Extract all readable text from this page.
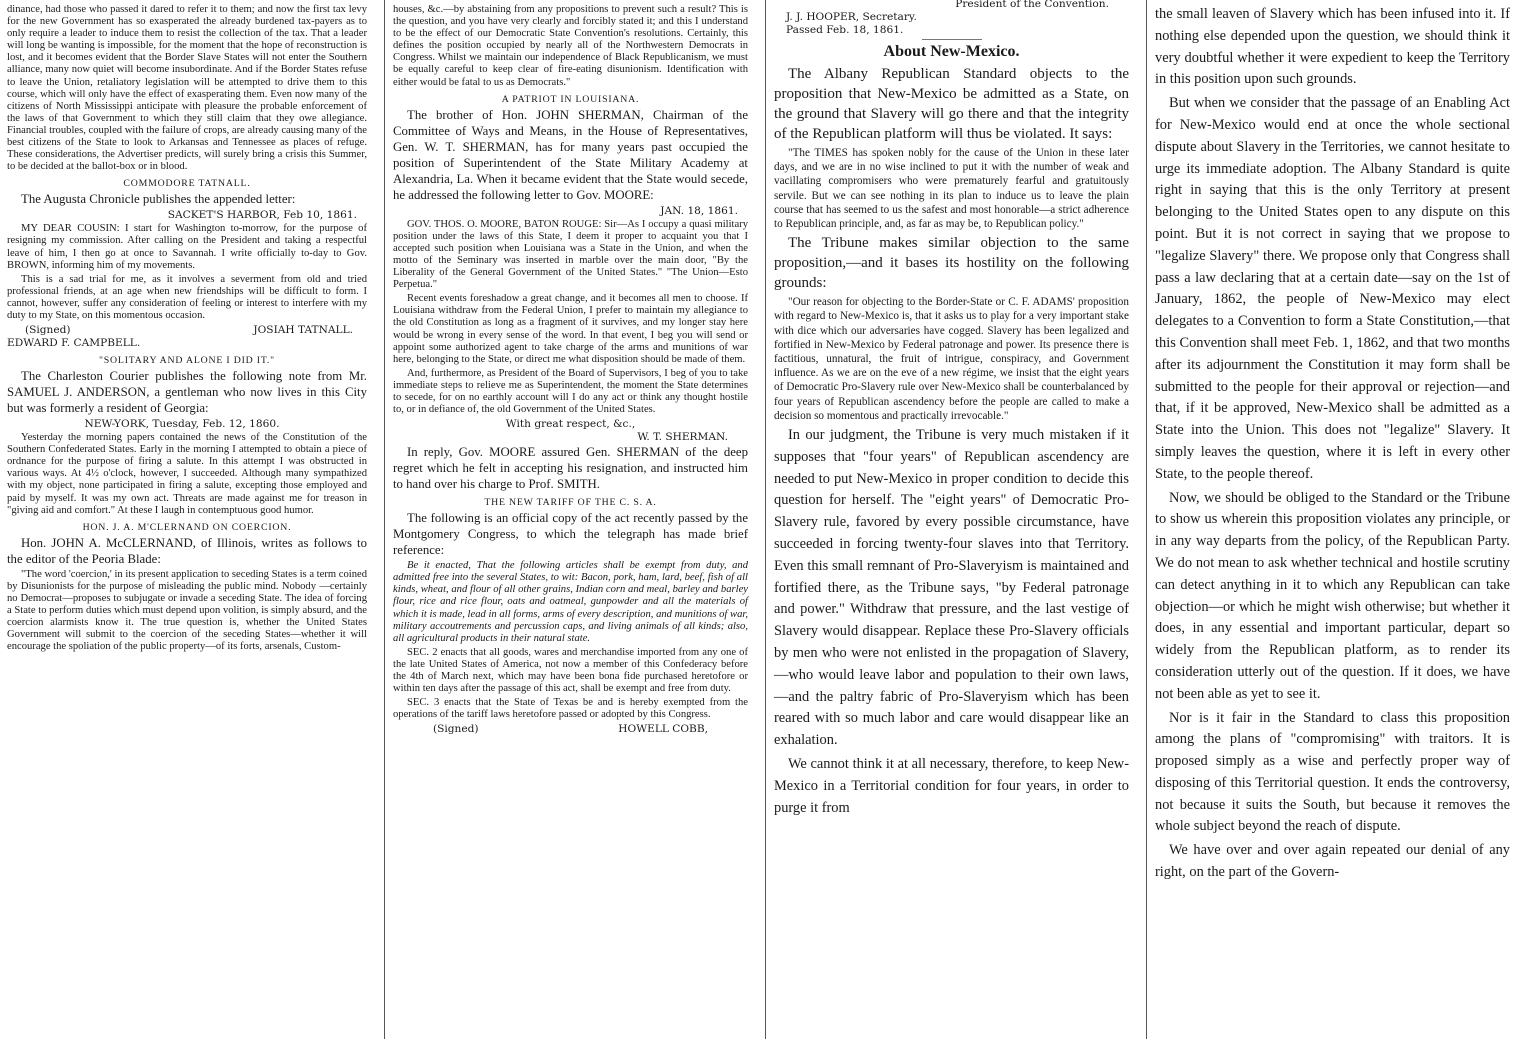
dinance, had those who passed it dared to refer it to them; and now the first tax levy for the new Government has so exasperated the already burdened tax-payers as to only require a leader to induce them to resist the collection of the tax. That a leader will long be wanting is impossible, for the moment that the hope of reconstruction is lost, and it becomes evident that the Border Slave States will not enter the Southern alliance, many now quiet will become insubordinate. And if the Border States refuse to leave the Union, retaliatory legislation will be attempted to drive them to this course, which will only have the effect of exasperating them. Even now many of the citizens of North Mississippi anticipate with pleasure the probable enforcement of the laws of that Government to which they still claim that they owe allegiance. Financial troubles, coupled with the failure of crops, are already causing many of the best citizens of the State to look to Arkansas and Tennessee as places of refuge. These considerations, the Advertiser predicts, will surely bring a crisis this Summer, to be decided at the ballot-box or in blood.

COMMODORE TATNALL.

The Augusta Chronicle publishes the appended letter:

SACKET'S HARBOR, Feb 10, 1861.

MY DEAR COUSIN: I start for Washington to-morrow, for the purpose of resigning my commission. After calling on the President and taking a respectful leave of him, I then go at once to Savannah. I write officially to-day to Gov. BROWN, informing him of my movements.

This is a sad trial for me, as it involves a severment from old and tried professional friends, at an age when new friendships will be difficult to form. I cannot, however, suffer any consideration of feeling or interest to interfere with my duty to my State, on this momentous occasion.

(Signed)	JOSIAH TATNALL.
EDWARD F. CAMPBELL.
"SOLITARY AND ALONE I DID IT."

The Charleston Courier publishes the following note from Mr. SAMUEL J. ANDERSON, a gentleman who now lives in this City but was formerly a resident of Georgia:

NEW-YORK, Tuesday, Feb. 12, 1860.

Yesterday the morning papers contained the news of the Constitution of the Southern Confederated States. Early in the morning I attempted to obtain a piece of ordnance for the purpose of firing a salute. In this attempt I was obstructed in various ways. At 4½ o'clock, however, I succeeded. Although many sympathized with my object, none participated in firing a salute, excepting those employed and paid by myself. It was my own act. Threats are made against me for treason in "giving aid and comfort." At these I laugh in contemptuous good humor.

HON. J. A. M'CLERNAND ON COERCION.

Hon. JOHN A. McCLERNAND, of Illinois, writes as follows to the editor of the Peoria Blade:

"The word 'coercion,' in its present application to seceding States is a term coined by Disunionists for the purpose of misleading the public mind. Nobody —certainly no Democrat—proposes to subjugate or invade a seceding State. The idea of forcing a State to perform duties which must depend upon volition, is simply absurd, and the coercion alarmists know it. The true question is, whether the United States Government will submit to the coercion of the seceding States—whether it will encourage the spoliation of the public property—of its forts, arsenals, Custom-

houses, &c.—by abstaining from any propositions to prevent such a result? This is the question, and you have very clearly and forcibly stated it; and this I understand to be the effect of our Democratic State Convention's resolutions. Certainly, this defines the position occupied by nearly all of the Northwestern Democrats in Congress. Whilst we maintain our independence of Black Republicanism, we must be equally careful to keep clear of fire-eating disunionism. Identification with either would be fatal to us as Democrats."

A PATRIOT IN LOUISIANA.

The brother of Hon. JOHN SHERMAN, Chairman of the Committee of Ways and Means, in the House of Representatives, Gen. W. T. SHERMAN, has for many years past occupied the position of Superintendent of the State Military Academy at Alexandria, La. When it became evident that the State would secede, he addressed the following letter to Gov. MOORE:

JAN. 18, 1861.

GOV. THOS. O. MOORE, BATON ROUGE: Sir—As I occupy a quasi military position under the laws of this State, I deem it proper to acquaint you that I accepted such position when Louisiana was a State in the Union, and when the motto of the Seminary was inserted in marble over the main door, "By the Liberality of the General Government of the United States." "The Union—Esto Perpetua."

Recent events foreshadow a great change, and it becomes all men to choose. If Louisiana withdraw from the Federal Union, I prefer to maintain my allegiance to the old Constitution as long as a fragment of it survives, and my longer stay here would be wrong in every sense of the word. In that event, I beg you will send or appoint some authorized agent to take charge of the arms and munitions of war here, belonging to the State, or direct me what disposition should be made of them.

And, furthermore, as President of the Board of Supervisors, I beg of you to take immediate steps to relieve me as Superintendent, the moment the State determines to secede, for on no earthly account will I do any act or think any thought hostile to, or in defiance of, the old Government of the United States.

With great respect, &c.,
W. T. SHERMAN.

In reply, Gov. MOORE assured Gen. SHERMAN of the deep regret which he felt in accepting his resignation, and instructed him to hand over his charge to Prof. SMITH.

THE NEW TARIFF OF THE C. S. A.

The following is an official copy of the act recently passed by the Montgomery Congress, to which the telegraph has made brief reference:

Be it enacted, That the following articles shall be exempt from duty, and admitted free into the several States, to wit: Bacon, pork, ham, lard, beef, fish of all kinds, wheat, and flour of all other grains, Indian corn and meal, barley and barley flour, rice and rice flour, oats and oatmeal, gunpowder and all the materials of which it is made, lead in all forms, arms of every description, and munitions of war, military accoutrements and percussion caps, and living animals of all kinds; also, all agricultural products in their natural state.

SEC. 2 enacts that all goods, wares and merchandise imported from any one of the late United States of America, not now a member of this Confederacy before the 4th of March next, which may have been bona fide purchased heretofore or within ten days after the passage of this act, shall be exempt and free from duty.

SEC. 3 enacts that the State of Texas be and is hereby exempted from the operations of the tariff laws heretofore passed or adopted by this Congress.

(Signed)	HOWELL COBB,
President of the Convention.
J. J. HOOPER, Secretary.
Passed Feb. 18, 1861.
About New-Mexico.

The Albany Republican Standard objects to the proposition that New-Mexico be admitted as a State, on the ground that Slavery will go there and that the integrity of the Republican platform will thus be violated. It says:

"The TIMES has spoken nobly for the cause of the Union in these later days, and we are in no wise inclined to put it with the number of weak and vacillating compromisers who were prematurely fearful and gratuitously servile. But we can see nothing in its plan to induce us to leave the plain course that has seemed to us the safest and most honorable—a strict adherence to Republican principle, and, as far as may be, to Republican policy."

The Tribune makes similar objection to the same proposition,—and it bases its hostility on the following grounds:

"Our reason for objecting to the Border-State or C. F. ADAMS' proposition with regard to New-Mexico is, that it asks us to play for a very important stake with dice which our adversaries have cogged. Slavery has been legalized and fortified in New-Mexico by Federal patronage and power. Its presence there is factitious, unnatural, the fruit of intrigue, conspiracy, and Government influence. As we are on the eve of a new régime, we insist that the eight years of Democratic Pro-Slavery rule over New-Mexico shall be counterbalanced by four years of Republican ascendency before the people are called to make a decision so momentous and practically irrevocable."

In our judgment, the Tribune is very much mistaken if it supposes that "four years" of Republican ascendency are needed to put New-Mexico in proper condition to decide this question for herself. The "eight years" of Democratic Pro-Slavery rule, favored by every possible circumstance, have succeeded in forcing twenty-four slaves into that Territory. Even this small remnant of Pro-Slaveryism is maintained and fortified there, as the Tribune says, "by Federal patronage and power." Withdraw that pressure, and the last vestige of Slavery would disappear. Replace these Pro-Slavery officials by men who were not enlisted in the propagation of Slavery,—who would leave labor and population to their own laws,—and the paltry fabric of Pro-Slaveryism which has been reared with so much labor and care would disappear like an exhalation.

We cannot think it at all necessary, therefore, to keep New-Mexico in a Territorial condition for four years, in order to purge it from

the small leaven of Slavery which has been infused into it. If nothing else depended upon the question, we should think it very doubtful whether it were expedient to keep the Territory in this position upon such grounds.

But when we consider that the passage of an Enabling Act for New-Mexico would end at once the whole sectional dispute about Slavery in the Territories, we cannot hesitate to urge its immediate adoption. The Albany Standard is quite right in saying that this is the only Territory at present belonging to the United States open to any dispute on this point. But it is not correct in saying that we propose to "legalize Slavery" there. We propose only that Congress shall pass a law declaring that at a certain date—say on the 1st of January, 1862, the people of New-Mexico may elect delegates to a Convention to form a State Constitution,—that this Convention shall meet Feb. 1, 1862, and that two months after its adjournment the Constitution it may form shall be submitted to the people for their approval or rejection—and that, if it be approved, New-Mexico shall be admitted as a State into the Union. This does not "legalize" Slavery. It simply leaves the question, where it is left in every other State, to the people thereof.

Now, we should be obliged to the Standard or the Tribune to show us wherein this proposition violates any principle, or in any way departs from the policy, of the Republican Party. We do not mean to ask whether technical and hostile scrutiny can detect anything in it to which any Republican can take objection—or which he might wish otherwise; but whether it does, in any essential and important particular, depart so widely from the Republican platform, as to render its consideration utterly out of the question. If it does, we have not been able as yet to see it.

Nor is it fair in the Standard to class this proposition among the plans of "compromising" with traitors. It is proposed simply as a wise and perfectly proper way of disposing of this Territorial question. It ends the controversy, not because it suits the South, but because it removes the whole subject beyond the reach of dispute.

We have over and over again repeated our denial of any right, on the part of the Govern-
